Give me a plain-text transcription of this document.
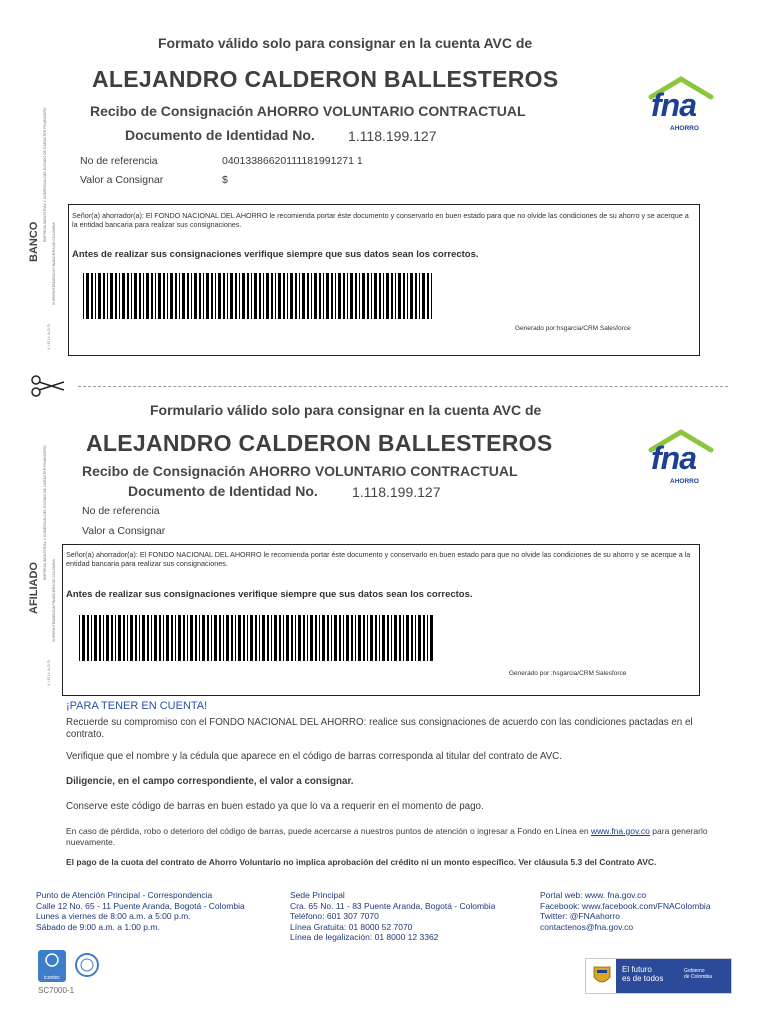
Formato válido solo para consignar en la cuenta AVC de
ALEJANDRO CALDERON BALLESTEROS
Recibo de Consignación AHORRO VOLUNTARIO CONTRACTUAL
Documento de Identidad No. 1.118.199.127
No de referencia	04013386620111181991271 1
Valor a Consignar	$
fna
AHORRO
BANCO EMPRESA INDUSTRIAL Y COMERCIAL DEL ESTADO DE CARÁCTER FINANCIERO
SUPERINTENDENCIA FINANCIERA DE COLOMBIA
VIGILADO
Señor(a) ahorrador(a): El FONDO NACIONAL DEL AHORRO le recomienda portar éste documento y conservarlo en buen estado para que no olvide las condiciones de su ahorro y se acerque a la entidad bancaria para realizar sus consignaciones.
Antes de realizar sus consignaciones verifique siempre que sus datos sean los correctos.
Generado por:hsgarcia/CRM Salesforce
Formulario válido solo para consignar en la cuenta AVC de
ALEJANDRO CALDERON BALLESTEROS
Recibo de Consignación AHORRO VOLUNTARIO CONTRACTUAL
Documento de Identidad No. 1.118.199.127
No de referencia
Valor a Consignar
fna
AHORRO
AFILIADO
EMPRESA INDUSTRIAL Y COMERCIAL DEL ESTADO DE CARÁCTER FINANCIERO
SUPERINTENDENCIA FINANCIERA DE COLOMBIA
VIGILADO
Señor(a) ahorrador(a): El FONDO NACIONAL DEL AHORRO le recomienda portar éste documento y conservarlo en buen estado para que no olvide las condiciones de su ahorro y se acerque a la entidad bancaria para realizar sus consignaciones.
Antes de realizar sus consignaciones verifique siempre que sus datos sean los correctos.
Generado por :hsgarcia/CRM Salesforce
¡PARA TENER EN CUENTA!
Recuerde su compromiso con el FONDO NACIONAL DEL AHORRO: realice sus consignaciones de acuerdo con las condiciones pactadas en el contrato.
Verifique que el nombre y la cédula que aparece en el código de barras corresponda al titular del contrato de AVC.
Diligencie, en el campo correspondiente, el valor a consignar.
Conserve este código de barras en buen estado ya que lo va a requerir en el momento de pago.
En caso de pérdida, robo o deterioro del código de barras, puede acercarse a nuestros puntos de atención o ingresar a Fondo en Línea en www.fna.gov.co para generarlo nuevamente.
El pago de la cuota del contrato de Ahorro Voluntario no implica aprobación del crédito ni un monto específico. Ver cláusula 5.3 del Contrato AVC.
Punto de Atención Principal - Correspondencia
Calle 12 No. 65 - 11 Puente Aranda, Bogotá - Colombia
Lunes a viernes de 8:00 a.m. a 5:00 p.m.
Sábado de 9:00 a.m. a 1:00 p.m.
Sede Principal
Cra. 65 No. 11 - 83 Puente Aranda, Bogotá - Colombia
Teléfono: 601 307 7070
Línea Gratuita: 01 8000 52 7070
Línea de legalización: 01 8000 12 3362
Portal web: www. fna.gov.co
Facebook: www.facebook.com/FNAColombia
Twitter: @FNAahorro
contactenos@fna.gov.co
icontec
SC7000-1
El futuro
es de todos
Gobierno
de Colombia
